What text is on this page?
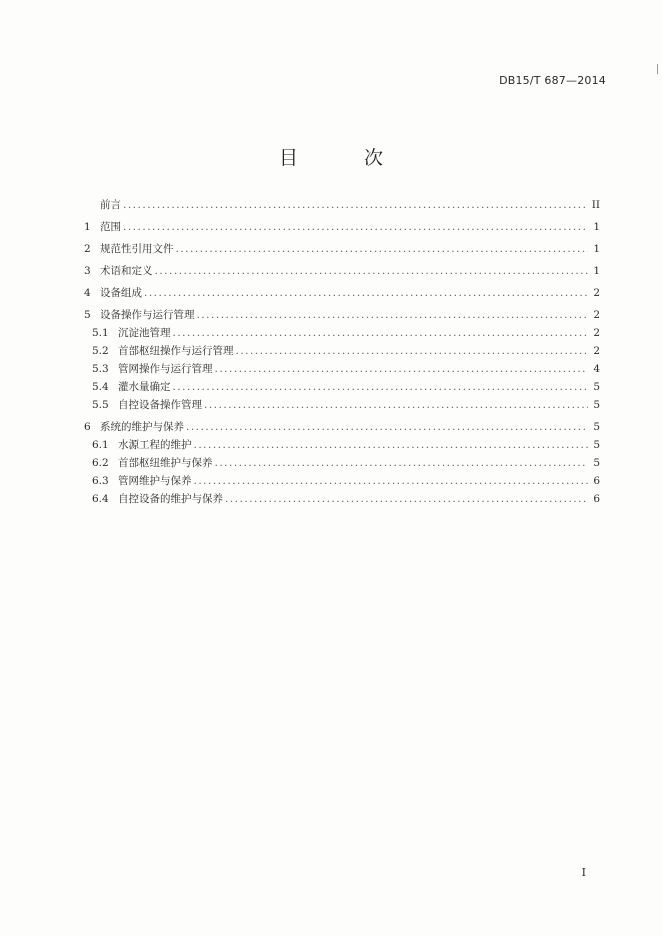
DB15/T 687—2014
目 次
前言 .....	II
1 范围 .....	1
2 规范性引用文件 .....	1
3 术语和定义 .....	1
4 设备组成 .....	2
5 设备操作与运行管理 .....	2
5.1 沉淀池管理 .....	2
5.2 首部枢纽操作与运行管理 .....	2
5.3 管网操作与运行管理 .....	4
5.4 灌水量确定 .....	5
5.5 自控设备操作管理 .....	5
6 系统的维护与保养 .....	5
6.1 水源工程的维护 .....	5
6.2 首部枢纽维护与保养 .....	5
6.3 管网维护与保养 .....	6
6.4 自控设备的维护与保养 .....	6
I
